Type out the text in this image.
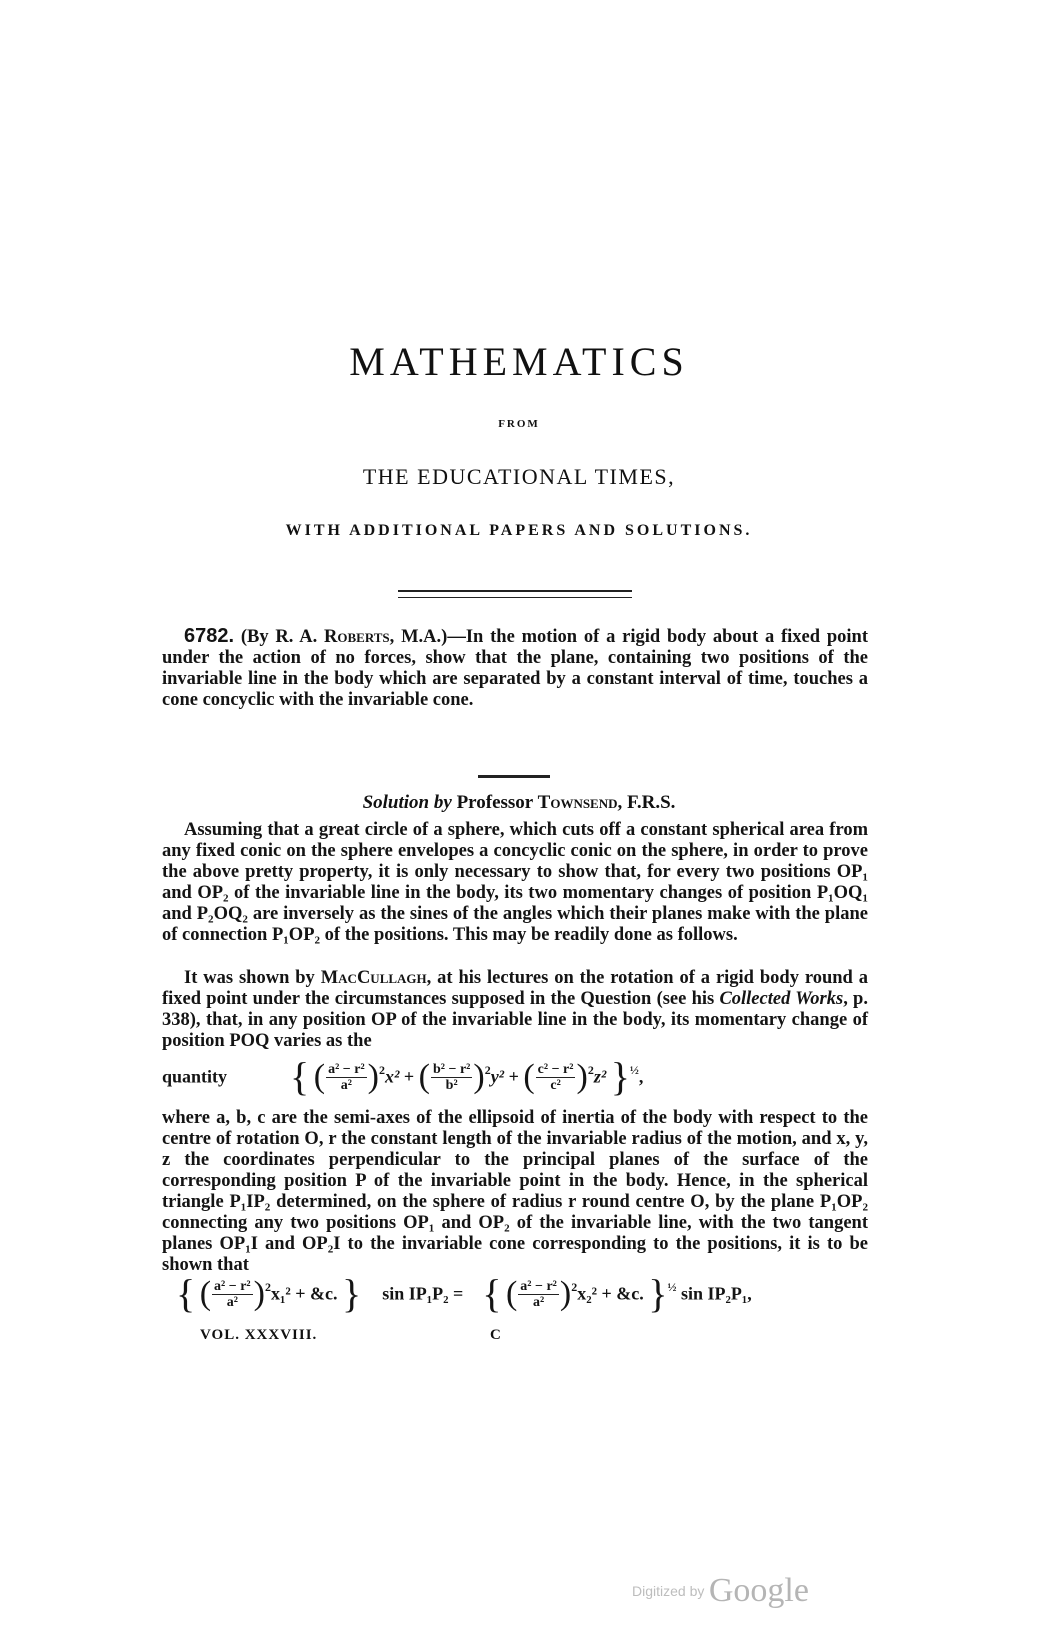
MATHEMATICS
FROM
THE EDUCATIONAL TIMES,
WITH ADDITIONAL PAPERS AND SOLUTIONS.
6782. (By R. A. Roberts, M.A.)—In the motion of a rigid body about a fixed point under the action of no forces, show that the plane, containing two positions of the invariable line in the body which are separated by a constant interval of time, touches a cone concyclic with the invariable cone.
Solution by Professor Townsend, F.R.S.
Assuming that a great circle of a sphere, which cuts off a constant spherical area from any fixed conic on the sphere envelopes a concyclic conic on the sphere, in order to prove the above pretty property, it is only necessary to show that, for every two positions OP₁ and OP₂ of the invariable line in the body, its two momentary changes of position P₁OQ₁ and P₂OQ₂ are inversely as the sines of the angles which their planes make with the plane of connection P₁OP₂ of the positions. This may be readily done as follows.
It was shown by MacCullagh, at his lectures on the rotation of a rigid body round a fixed point under the circumstances supposed in the Question (see his Collected Works, p. 338), that, in any position OP of the invariable line in the body, its momentary change of position POQ varies as the
quantity { ( $\frac{\text{a² − r²}}{\text{a²}} )^2x^2$ + ( $\frac{\text{b² − r²}}{\text{b²}} )^2y^2$ + ( $\frac{\text{c² − r²}}{\text{c²}} )^2z^2$ }$^{\frac{1}{2}}$,
where a, b, c are the semi-axes of the ellipsoid of inertia of the body with respect to the centre of rotation O, r the constant length of the invariable radius of the motion, and x, y, z the coordinates perpendicular to the principal planes of the surface of the corresponding position P of the invariable point in the body. Hence, in the spherical triangle P₁IP₂ determined, on the sphere of radius r round centre O, by the plane P₁OP₂ connecting any two positions OP₁ and OP₂ of the invariable line, with the two tangent planes OP₁I and OP₂I to the invariable cone corresponding to the positions, it is to be shown that
{ ( $\frac{\text{a² − r²}}{\text{a²}} )^2x_1^2$ + &c. } sin IP₁P₂ = { ( $\frac{\text{a² − r²}}{\text{a²}} )^2x_2^2$ + &c. }$^{\frac{1}{2}}$ sin IP₂P₁,
VOL. XXXVIII.	C
Digitized by Google
